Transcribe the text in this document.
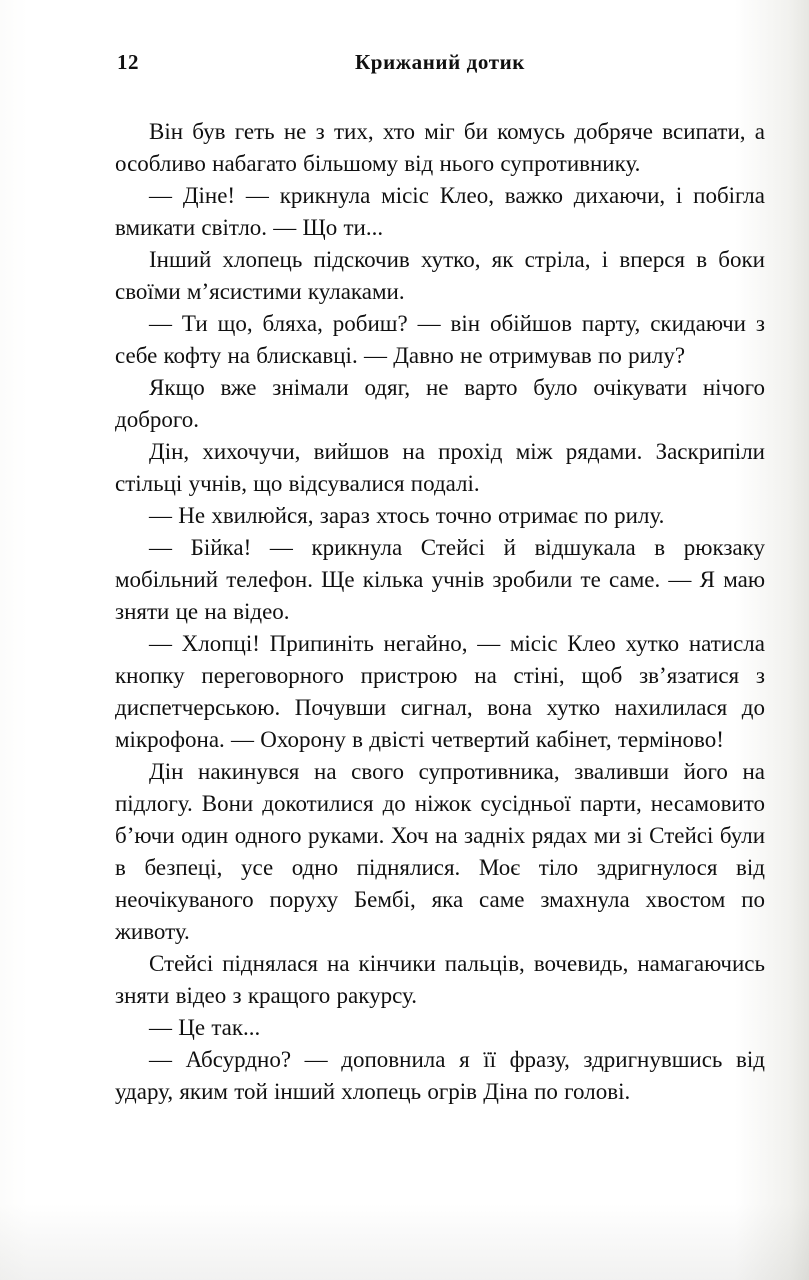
12	Крижаний дотик

Він був геть не з тих, хто міг би комусь добряче всипати, а особливо набагато більшому від нього супротивнику.

— Діне! — крикнула місіс Клео, важко дихаючи, і побігла вмикати світло. — Що ти...

Інший хлопець підскочив хутко, як стріла, і вперся в боки своїми м’ясистими кулаками.

— Ти що, бляха, робиш? — він обійшов парту, скидаючи з себе кофту на блискавці. — Давно не отримував по рилу?

Якщо вже знімали одяг, не варто було очікувати нічого доброго.

Дін, хихочучи, вийшов на прохід між рядами. Заскрипіли стільці учнів, що відсувалися подалі.

— Не хвилюйся, зараз хтось точно отримає по рилу.

— Бійка! — крикнула Стейсі й відшукала в рюкзаку мобільний телефон. Ще кілька учнів зробили те саме. — Я маю зняти це на відео.

— Хлопці! Припиніть негайно, — місіс Клео хутко натисла кнопку переговорного пристрою на стіні, щоб зв’язатися з диспетчерською. Почувши сигнал, вона хутко нахилилася до мікрофона. — Охорону в двісті четвертий кабінет, терміново!

Дін накинувся на свого супротивника, зваливши його на підлогу. Вони докотилися до ніжок сусідньої парти, несамовито б’ючи один одного руками. Хоч на задніх рядах ми зі Стейсі були в безпеці, усе одно піднялися. Моє тіло здригнулося від неочікуваного поруху Бембі, яка саме змахнула хвостом по животу.

Стейсі піднялася на кінчики пальців, вочевидь, намагаючись зняти відео з кращого ракурсу.

— Це так...

— Абсурдно? — доповнила я її фразу, здригнувшись від удару, яким той інший хлопець огрів Діна по голові.
